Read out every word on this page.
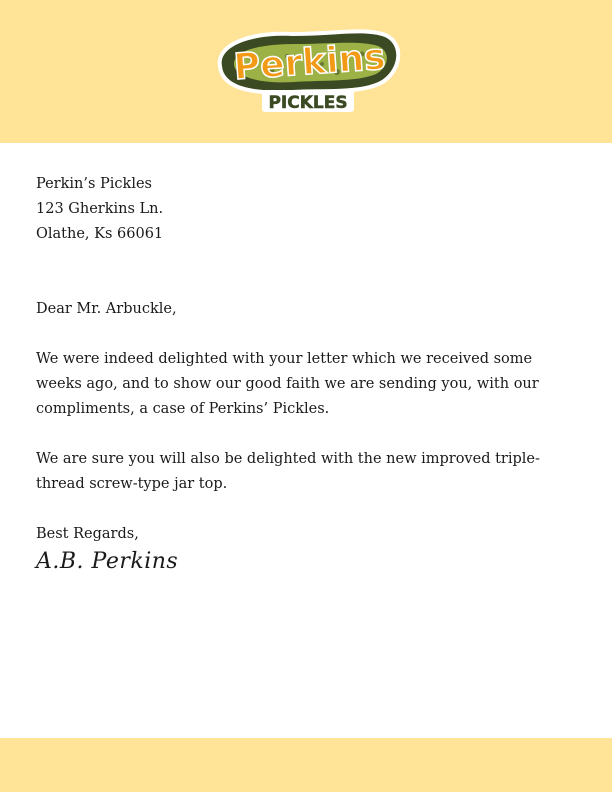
Perkins
PICKLES

Perkin’s Pickles

123 Gherkins Ln.

Olathe, Ks 66061

Dear Mr. Arbuckle,

We were indeed delighted with your letter which we received some

weeks ago, and to show our good faith we are sending you, with our

compliments, a case of Perkins’ Pickles.

We are sure you will also be delighted with the new improved triple-

thread screw-type jar top.

Best Regards,

A.B. Perkins
